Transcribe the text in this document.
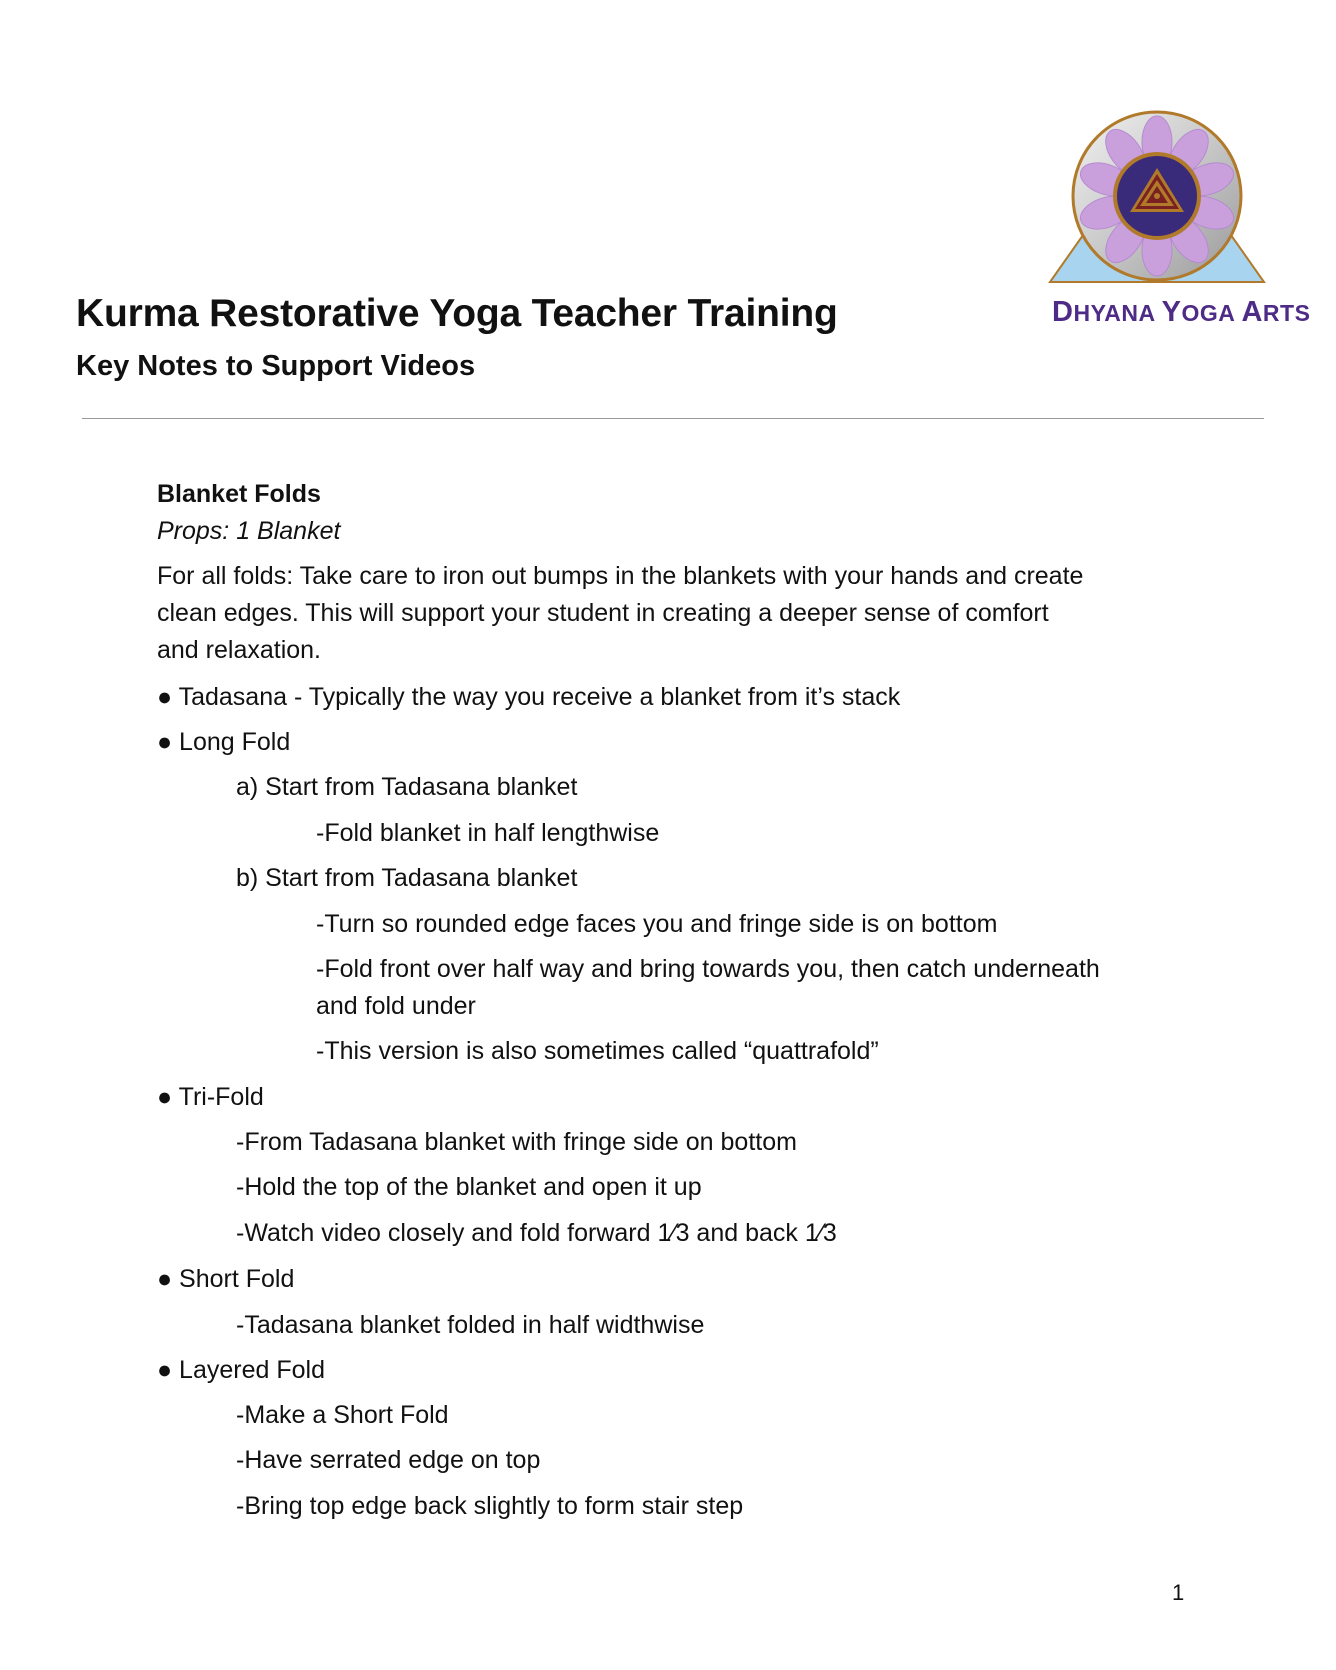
DHYANA YOGA ARTS
Kurma Restorative Yoga Teacher Training
Key Notes to Support Videos
Blanket Folds
Props: 1 Blanket
For all folds: Take care to iron out bumps in the blankets with your hands and create
clean edges. This will support your student in creating a deeper sense of comfort
and relaxation.
● Tadasana - Typically the way you receive a blanket from it’s stack
● Long Fold
a) Start from Tadasana blanket
-Fold blanket in half lengthwise
b) Start from Tadasana blanket
-Turn so rounded edge faces you and fringe side is on bottom
-Fold front over half way and bring towards you, then catch underneath
and fold under
-This version is also sometimes called “quattrafold”
● Tri-Fold
-From Tadasana blanket with fringe side on bottom
-Hold the top of the blanket and open it up
-Watch video closely and fold forward 1⁄3 and back 1⁄3
● Short Fold
-Tadasana blanket folded in half widthwise
● Layered Fold
-Make a Short Fold
-Have serrated edge on top
-Bring top edge back slightly to form stair step
1
